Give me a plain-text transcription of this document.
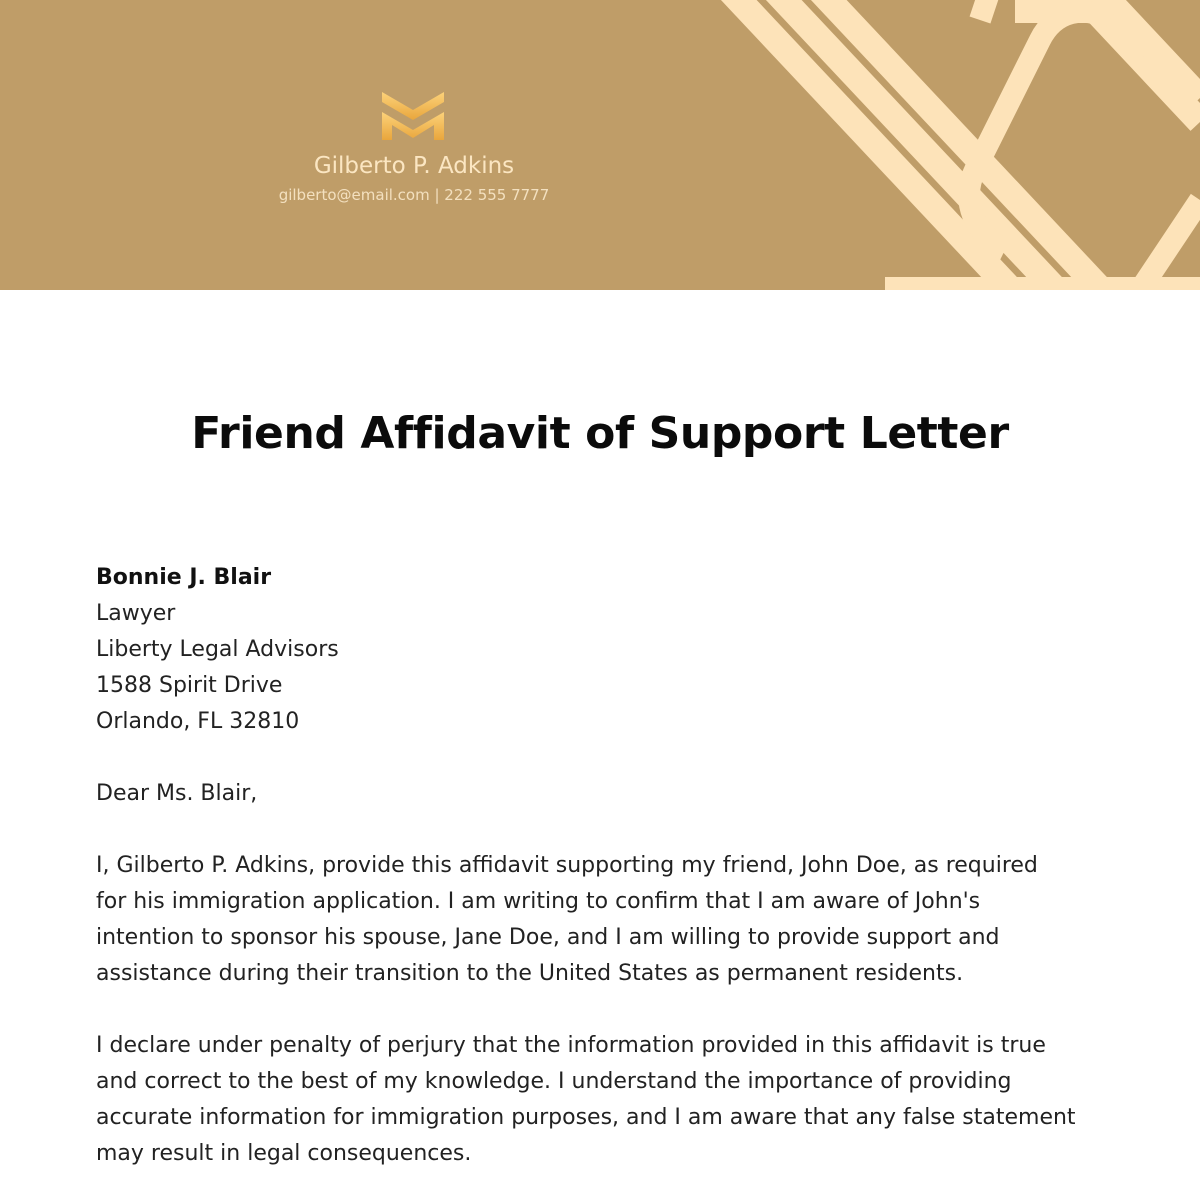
Gilberto P. Adkins
gilberto@email.com | 222 555 7777
Friend Affidavit of Support Letter

Bonnie J. Blair

Lawyer

Liberty Legal Advisors

1588 Spirit Drive

Orlando, FL 32810

Dear Ms. Blair,

I, Gilberto P. Adkins, provide this affidavit supporting my friend, John Doe, as required
for his immigration application. I am writing to confirm that I am aware of John's
intention to sponsor his spouse, Jane Doe, and I am willing to provide support and
assistance during their transition to the United States as permanent residents.

I declare under penalty of perjury that the information provided in this affidavit is true
and correct to the best of my knowledge. I understand the importance of providing
accurate information for immigration purposes, and I am aware that any false statement
may result in legal consequences.
